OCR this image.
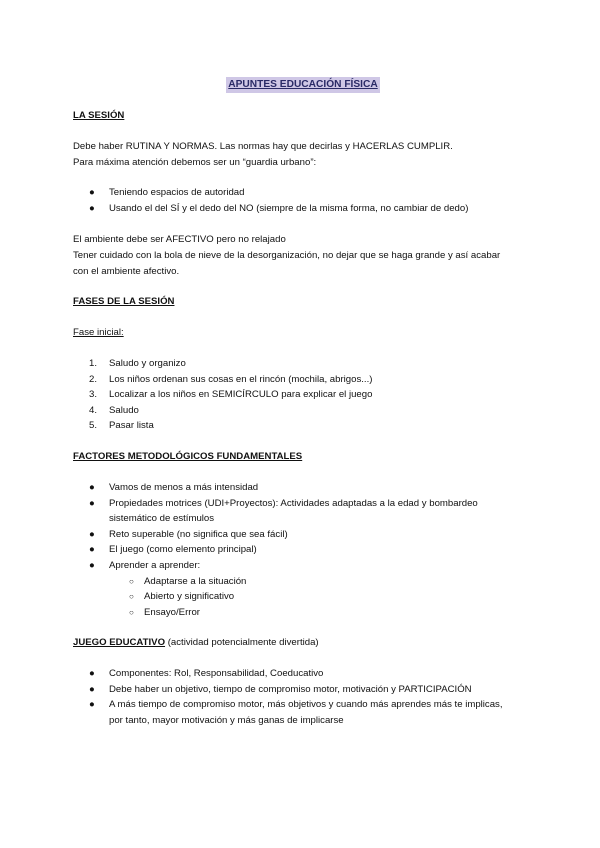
APUNTES EDUCACIÓN FÍSICA

LA SESIÓN

Debe haber RUTINA Y NORMAS. Las normas hay que decirlas y HACERLAS CUMPLIR.

Para máxima atención debemos ser un “guardia urbano”:

● Teniendo espacios de autoridad
● Usando el del SÍ y el dedo del NO (siempre de la misma forma, no cambiar de dedo)

El ambiente debe ser AFECTIVO pero no relajado

Tener cuidado con la bola de nieve de la desorganización, no dejar que se haga grande y así acabar

con el ambiente afectivo.

FASES DE LA SESIÓN

Fase inicial:

1. Saludo y organizo
2. Los niños ordenan sus cosas en el rincón (mochila, abrigos...)
3. Localizar a los niños en SEMICÍRCULO para explicar el juego
4. Saludo
5. Pasar lista

FACTORES METODOLÓGICOS FUNDAMENTALES

● Vamos de menos a más intensidad
● Propiedades motrices (UDI+Proyectos): Actividades adaptadas a la edad y bombardeo
sistemático de estímulos
● Reto superable (no significa que sea fácil)
● El juego (como elemento principal)
● Aprender a aprender:
○ Adaptarse a la situación
○ Abierto y significativo
○ Ensayo/Error

JUEGO EDUCATIVO (actividad potencialmente divertida)

● Componentes: Rol, Responsabilidad, Coeducativo
● Debe haber un objetivo, tiempo de compromiso motor, motivación y PARTICIPACIÓN
● A más tiempo de compromiso motor, más objetivos y cuando más aprendes más te implicas,
por tanto, mayor motivación y más ganas de implicarse
